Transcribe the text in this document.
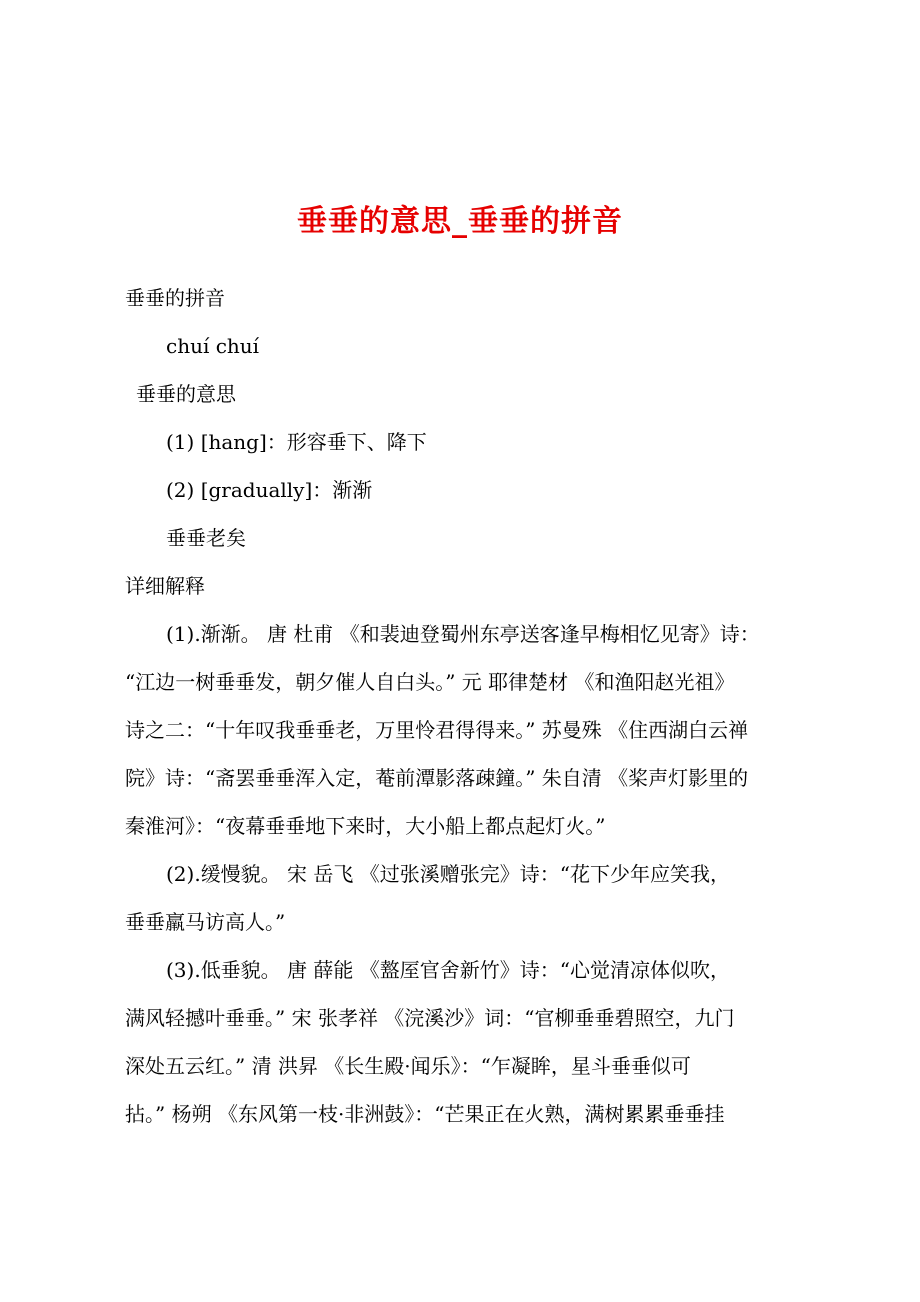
垂垂的意思_垂垂的拼音
垂垂的拼音
chuí chuí
垂垂的意思
(1) [hang]：形容垂下、降下
(2) [gradually]：渐渐
垂垂老矣
详细解释
(1).渐渐。 唐 杜甫 《和裴迪登蜀州东亭送客逢早梅相忆见寄》诗：
“江边一树垂垂发，朝夕催人自白头。” 元 耶律楚材 《和渔阳赵光祖》
诗之二：“十年叹我垂垂老，万里怜君得得来。” 苏曼殊 《住西湖白云禅
院》诗：“斋罢垂垂浑入定，菴前潭影落疎鐘。” 朱自清 《桨声灯影里的
秦淮河》：“夜幕垂垂地下来时，大小船上都点起灯火。”
(2).缓慢貌。 宋 岳飞 《过张溪赠张完》诗：“花下少年应笑我，
垂垂羸马访高人。”
(3).低垂貌。 唐 薛能 《盩厔官舍新竹》诗：“心觉清凉体似吹，
满风轻撼叶垂垂。” 宋 张孝祥 《浣溪沙》词：“官柳垂垂碧照空，九门
深处五云红。” 清 洪昇 《长生殿·闻乐》：“乍凝眸，星斗垂垂似可
拈。” 杨朔 《东风第一枝·非洲鼓》：“芒果正在火熟，满树累累垂垂挂
